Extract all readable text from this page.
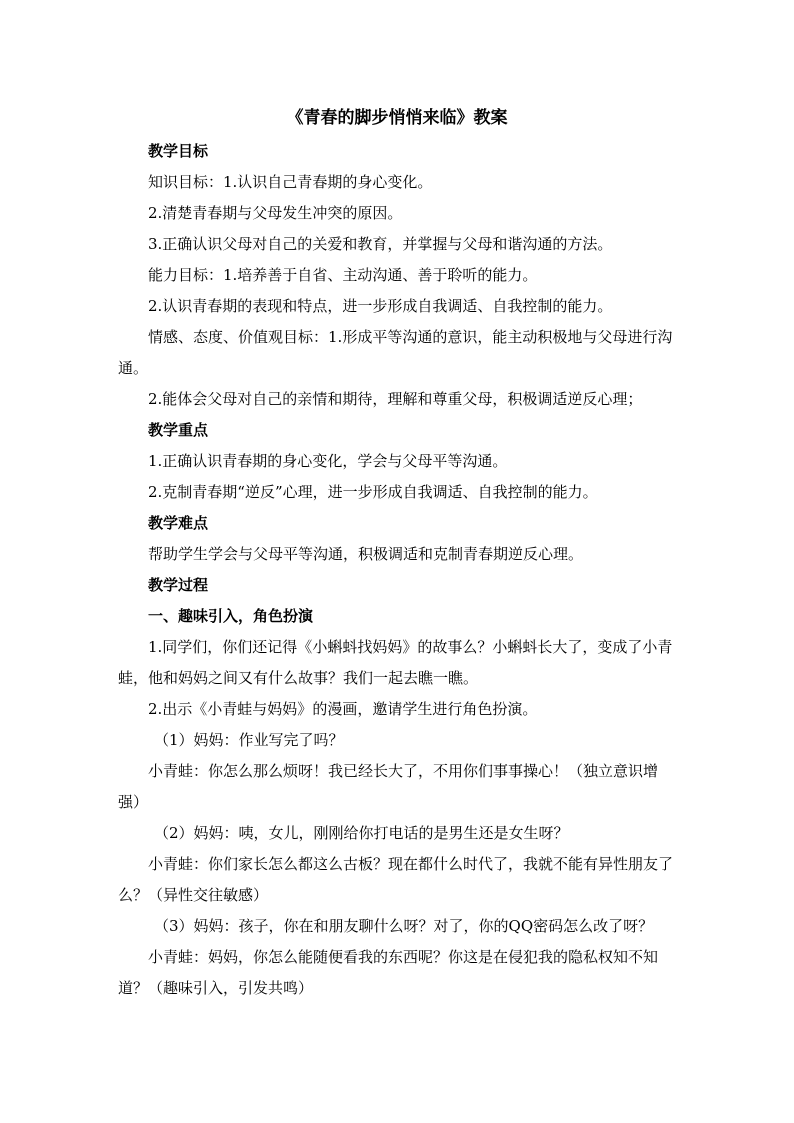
《青春的脚步悄悄来临》教案

教学目标

知识目标：1.认识自己青春期的身心变化。

2.清楚青春期与父母发生冲突的原因。

3.正确认识父母对自己的关爱和教育，并掌握与父母和谐沟通的方法。

能力目标：1.培养善于自省、主动沟通、善于聆听的能力。

2.认识青春期的表现和特点，进一步形成自我调适、自我控制的能力。

情感、态度、价值观目标：1.形成平等沟通的意识，能主动积极地与父母进行沟通。

2.能体会父母对自己的亲情和期待，理解和尊重父母，积极调适逆反心理；

教学重点

1.正确认识青春期的身心变化，学会与父母平等沟通。

2.克制青春期“逆反”心理，进一步形成自我调适、自我控制的能力。

教学难点

帮助学生学会与父母平等沟通，积极调适和克制青春期逆反心理。

教学过程

一、趣味引入，角色扮演

1.同学们，你们还记得《小蝌蚪找妈妈》的故事么？小蝌蚪长大了，变成了小青蛙，他和妈妈之间又有什么故事？我们一起去瞧一瞧。

2.出示《小青蛙与妈妈》的漫画，邀请学生进行角色扮演。

（1）妈妈：作业写完了吗？

小青蛙：你怎么那么烦呀！我已经长大了，不用你们事事操心！（独立意识增强）

（2）妈妈：咦，女儿，刚刚给你打电话的是男生还是女生呀？

小青蛙：你们家长怎么都这么古板？现在都什么时代了，我就不能有异性朋友了么？（异性交往敏感）

（3）妈妈：孩子，你在和朋友聊什么呀？对了，你的QQ密码怎么改了呀？

小青蛙：妈妈，你怎么能随便看我的东西呢？你这是在侵犯我的隐私权知不知道？（趣味引入，引发共鸣）
